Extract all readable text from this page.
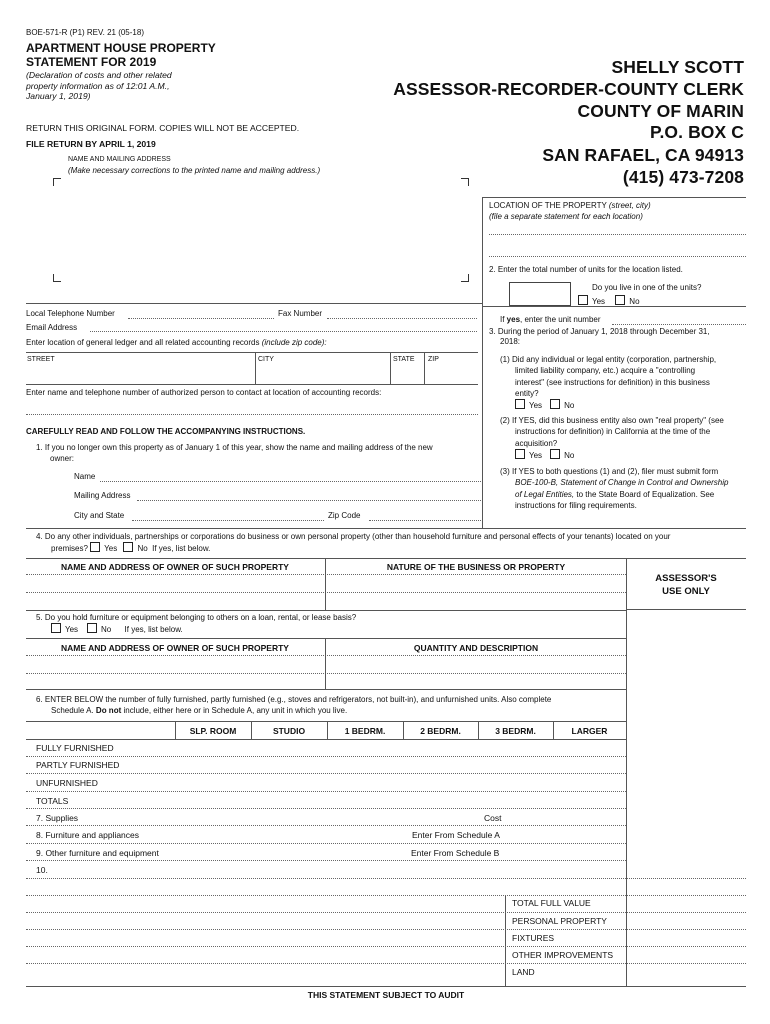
BOE-571-R (P1) REV. 21 (05-18)
APARTMENT HOUSE PROPERTY
STATEMENT FOR 2019
(Declaration of costs and other related
property information as of 12:01 A.M.,
January 1, 2019)
RETURN THIS ORIGINAL FORM. COPIES WILL NOT BE ACCEPTED.
FILE RETURN BY APRIL 1, 2019
NAME AND MAILING ADDRESS
(Make necessary corrections to the printed name and mailing address.)
SHELLY SCOTT
ASSESSOR-RECORDER-COUNTY CLERK
COUNTY OF MARIN
P.O. BOX C
SAN RAFAEL, CA 94913
(415) 473-7208
LOCATION OF THE PROPERTY (street, city)
(file a separate statement for each location)
2. Enter the total number of units for the location listed.
Do you live in one of the units?
Yes	No
If yes, enter the unit number
3. During the period of January 1, 2018 through December 31,
2018:
(1) Did any individual or legal entity (corporation, partnership,
limited liability company, etc.) acquire a "controlling
interest" (see instructions for definition) in this business
entity?
Yes	No
(2) If YES, did this business entity also own "real property" (see
instructions for definition) in California at the time of the
acquisition?
Yes	No
(3) If YES to both questions (1) and (2), filer must submit form
BOE-100-B, Statement of Change in Control and Ownership
of Legal Entities, to the State Board of Equalization. See
instructions for filing requirements.
Local Telephone Number	Fax Number
Email Address
Enter location of general ledger and all related accounting records (include zip code):
STREET	CITY	STATE ZIP
Enter name and telephone number of authorized person to contact at location of accounting records:
CAREFULLY READ AND FOLLOW THE ACCOMPANYING INSTRUCTIONS.
1. If you no longer own this property as of January 1 of this year, show the name and mailing address of the new
owner:
Name
Mailing Address
City and State	Zip Code
4. Do any other individuals, partnerships or corporations do business or own personal property (other than household furniture and personal effects of your tenants) located on your
premises? Yes	No If yes, list below.
NAME AND ADDRESS OF OWNER OF SUCH PROPERTY	NATURE OF THE BUSINESS OR PROPERTY
ASSESSOR'S
USE ONLY
5. Do you hold furniture or equipment belonging to others on a loan, rental, or lease basis?
Yes	No If yes, list below.
NAME AND ADDRESS OF OWNER OF SUCH PROPERTY	QUANTITY AND DESCRIPTION
6. ENTER BELOW the number of fully furnished, partly furnished (e.g., stoves and refrigerators, not built-in), and unfurnished units. Also complete
Schedule A. Do not include, either here or in Schedule A, any unit in which you live.
SLP. ROOM	STUDIO	1 BEDRM.	2 BEDRM.	3 BEDRM.	LARGER
FULLY FURNISHED
PARTLY FURNISHED
UNFURNISHED
TOTALS
7. Supplies	Cost
8. Furniture and appliances	Enter From Schedule A
9. Other furniture and equipment	Enter From Schedule B
10.
TOTAL FULL VALUE
PERSONAL PROPERTY
FIXTURES
OTHER IMPROVEMENTS
LAND
THIS STATEMENT SUBJECT TO AUDIT
